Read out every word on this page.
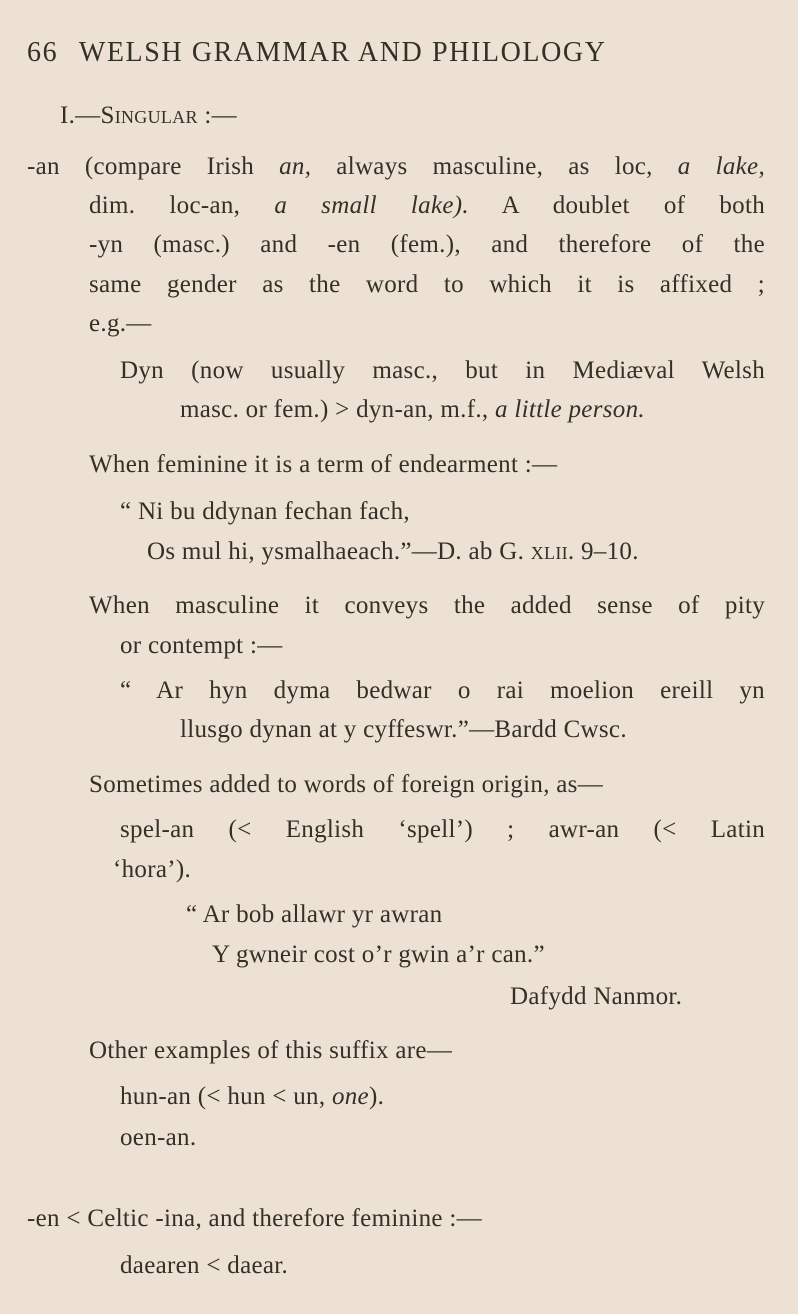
66 WELSH GRAMMAR AND PHILOLOGY
I.—Singular :—
-an (compare Irish an, always masculine, as loc, a lake,
dim. loc-an, a small lake). A doublet of both
-yn (masc.) and -en (fem.), and therefore of the
same gender as the word to which it is affixed ;
e.g.—
Dyn (now usually masc., but in Mediæval Welsh
masc. or fem.) > dyn-an, m.f., a little person.
When feminine it is a term of endearment :—
“ Ni bu ddynan fechan fach,
Os mul hi, ysmalhaeach.”—D. ab G. xlii. 9–10.
When masculine it conveys the added sense of pity
or contempt :—
“ Ar hyn dyma bedwar o rai moelion ereill yn
llusgo dynan at y cyffeswr.”—Bardd Cwsc.
Sometimes added to words of foreign origin, as—
spel-an (< English ‘spell’) ; awr-an (< Latin
‘hora’).
“ Ar bob allawr yr awran
Y gwneir cost o’r gwin a’r can.”
Dafydd Nanmor.
Other examples of this suffix are—
hun-an (< hun < un, one).
oen-an.
-en < Celtic -ina, and therefore feminine :—
daearen < daear.
